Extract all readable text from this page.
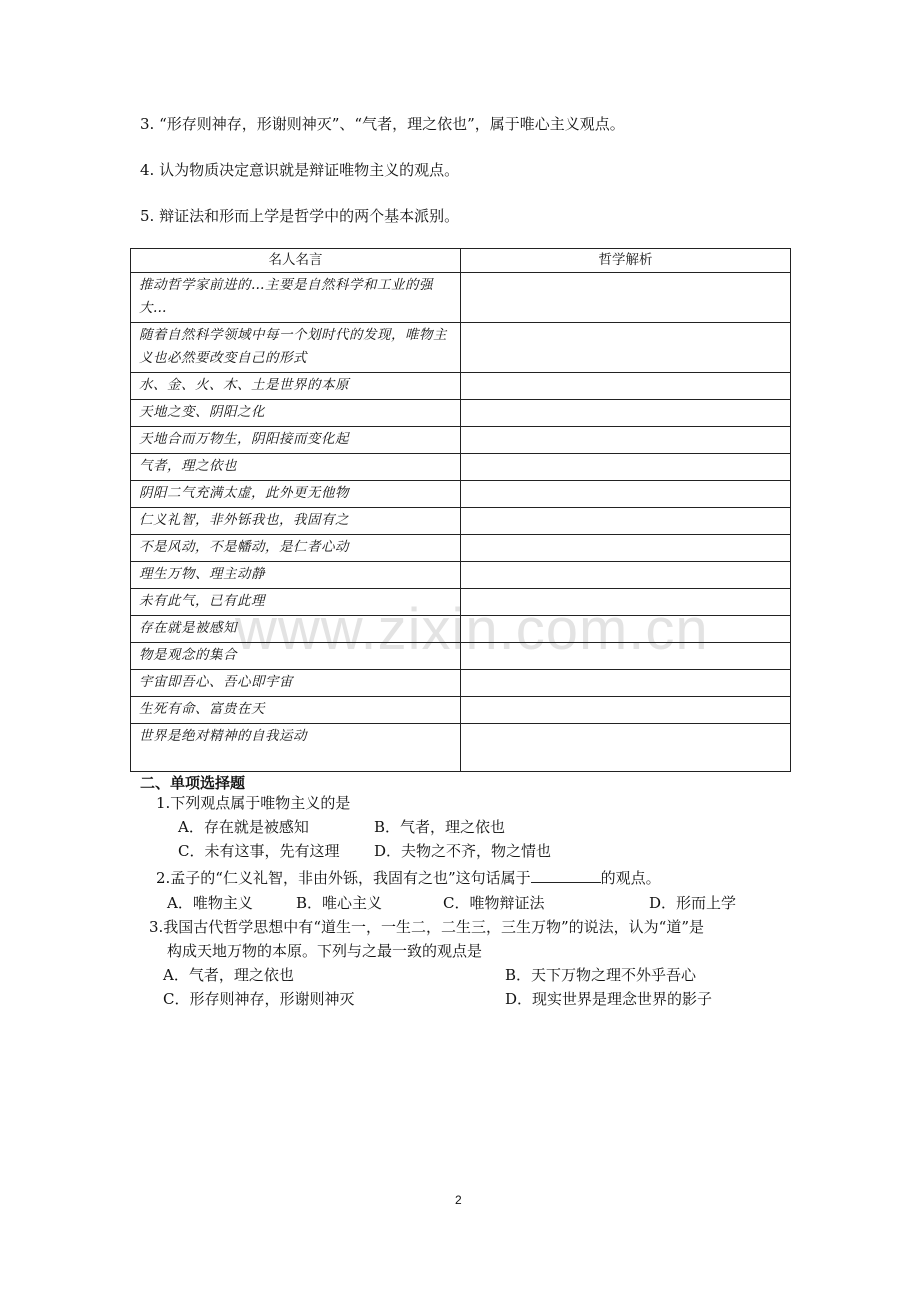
www.zixin.com.cn
3. “形存则神存，形谢则神灭”、“气者，理之依也”，属于唯心主义观点。
4. 认为物质决定意识就是辩证唯物主义的观点。
5. 辩证法和形而上学是哲学中的两个基本派别。
名人名言	哲学解析
推动哲学家前进的…主要是自然科学和工业的强大…	
随着自然科学领域中每一个划时代的发现，唯物主义也必然要改变自己的形式	
水、金、火、木、土是世界的本原	
天地之变、阴阳之化	
天地合而万物生，阴阳接而变化起	
气者，理之依也	
阴阳二气充满太虚，此外更无他物	
仁义礼智，非外铄我也，我固有之	
不是风动，不是幡动，是仁者心动	
理生万物、理主动静	
未有此气，已有此理	
存在就是被感知	
物是观念的集合	
宇宙即吾心、吾心即宇宙	
生死有命、富贵在天	
世界是绝对精神的自我运动	
二、单项选择题
1.下列观点属于唯物主义的是
A．存在就是被感知	B．气者，理之依也
C．未有这事，先有这理 D．夫物之不齐，物之情也
2.孟子的“仁义礼智，非由外铄，我固有之也”这句话属于	的观点。
A．唯物主义	B．唯心主义	C．唯物辩证法	D．形而上学
3.我国古代哲学思想中有“道生一，一生二，二生三，三生万物”的说法，认为“道”是
构成天地万物的本原。下列与之最一致的观点是
A．气者，理之依也	B．天下万物之理不外乎吾心
C．形存则神存，形谢则神灭	D．现实世界是理念世界的影子
2
